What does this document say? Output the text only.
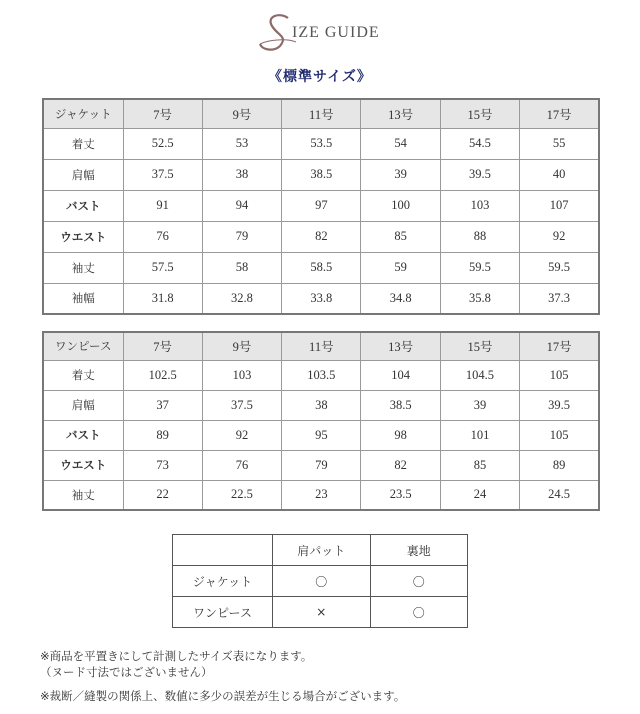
IZE GUIDE
《標準サイズ》
ジャケット	7号	9号	11号	13号	15号	17号
着丈	52.5	53	53.5	54	54.5	55
肩幅	37.5	38	38.5	39	39.5	40
バスト	91	94	97	100	103	107
ウエスト	76	79	82	85	88	92
袖丈	57.5	58	58.5	59	59.5	59.5
袖幅	31.8	32.8	33.8	34.8	35.8	37.3
ワンピース	7号	9号	11号	13号	15号	17号
着丈	102.5	103	103.5	104	104.5	105
肩幅	37	37.5	38	38.5	39	39.5
バスト	89	92	95	98	101	105
ウエスト	73	76	79	82	85	89
袖丈	22	22.5	23	23.5	24	24.5
	肩パット	裏地
ジャケット	〇	〇
ワンピース	×	〇

※商品を平置きにして計測したサイズ表になります。

（ヌード寸法ではございません）

※裁断／縫製の関係上、数値に多少の誤差が生じる場合がございます。
